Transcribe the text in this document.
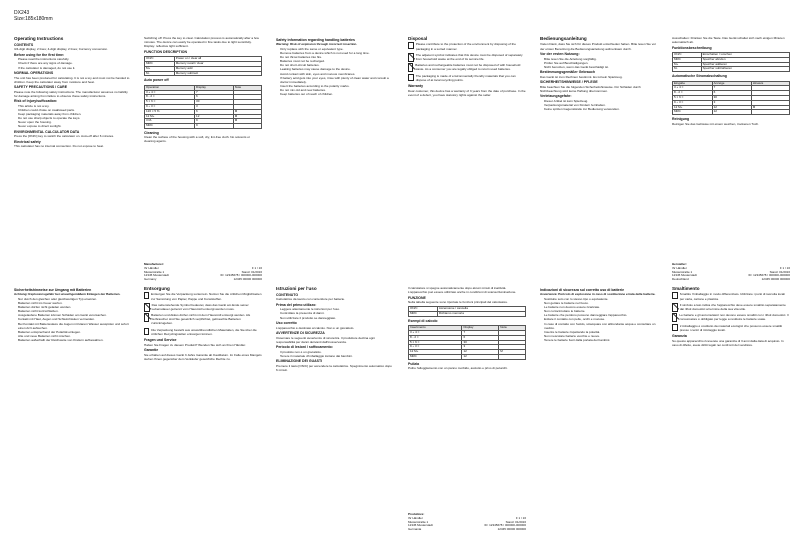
DX243
Size:185x180mm
Operating Instructions
CONTENTS

3/4-digit display, 2 lines; 4-digit display, 2 lines; Currency conversion.

Before using for the first time:
• Please read the instructions carefully.
• Check if there are any signs of damage.
• If the calculator is damaged, do not use it.
NORMAL OPERATIONS

The unit has been produced for calculating. It is not a toy and must not be handed to children. Keep the calculator away from moisture and heat.

SAFETY PRECAUTIONS / CARE

Please note the following safety instructions. The manufacturer assumes no liability for damage arising from failure to observe these safety instructions.

Risk of injury/suffocation:
• This article is not a toy.
• Children could choke on swallowed parts.
• Keep packaging materials away from children.
• Do not use sharp objects to operate the keys.
• Never open the housing.
• Never expose to direct sunlight.
ENVIRONMENTAL CALCULATOR DATA

Press the [ON/C] key to switch the calculator on. Auto-off after 6 minutes.

Electrical safety

This calculator has no internal connection. Do not expose to heat.

Switching off: Press the key to clear. Calculation process is automatically after a few minutes. The device can easily be operated in fine tasks due to light sensitivity. Display: reflective light sufficient.

FUNCTION DESCRIPTION
ON/C	Power on / clear all
MRC	Memory recall / clear
M+	Memory add
M-	Memory subtract
Auto power off
Operation	Display	Note
3 + 4 =	7	
8 - 2 =	6	
5 × 6 =	30	
9 ÷ 3 =	3	
120 × 5 %	6	M
12 M+	12	M
3 M-	9	M
MRC	9	
Cleaning

Clean the surface of the housing with a soft, dry, lint-free cloth. No solvents or cleaning agents.

Manufacturer:
Ihr Händler
Musterstraße 1
12345 Musterstadt
Germany
F 1 / 16
Stand: 01/2016
ID: 12345678 / 000000-000000
12345 00000 000000
Safety information regarding handling batteries

Warning: Risk of explosion through incorrect insertion.

• Only replace with the same or equivalent type.
• Remove batteries from a device which is not used for a long time.
• Do not throw batteries into fire.
• Batteries must not be recharged.
• Do not short-circuit batteries.
• Leaking batteries may cause damage to the device.
• Avoid contact with skin, eyes and mucous membranes.
• If battery acid gets into your eyes, rinse with plenty of clean water and consult a doctor immediately.
• Insert the batteries according to the polarity marks.
• Do not mix old and new batteries.
• Keep batteries out of reach of children.
Disposal

Please contribute to the protection of the environment by disposing of the packaging in a sorted manner.

The adjacent symbol indicates that this device must be disposed of separately from household waste at the end of its service life.

Batteries and rechargeable batteries must not be disposed of with household waste. As a consumer you are legally obliged to return used batteries.

The packaging is made of environmentally friendly materials that you can dispose of at local recycling points.

Warranty

Dear customer, this device has a warranty of 3 years from the date of purchase. In the event of a defect, you have statutory rights against the seller.

Bedienungsanleitung

Vielen Dank, dass Sie sich für dieses Produkt entschieden haben. Bitte lesen Sie vor der ersten Benutzung die Bedienungsanleitung aufmerksam durch.

Vor der ersten Nutzung:
• Bitte lesen Sie die Anleitung sorgfältig.
• Prüfen Sie auf Beschädigungen.
• Nicht benutzen, wenn das Gerät beschädigt ist.
Bestimmungsgemäßer Gebrauch

Das Gerät ist zum Rechnen bestimmt. Es ist kein Spielzeug.

SICHERHEITSHINWEISE / PFLEGE

Bitte beachten Sie die folgenden Sicherheitshinweise. Für Schäden durch Nichtbeachtung wird keine Haftung übernommen.

Verletzungsgefahr:
• Dieser Artikel ist kein Spielzeug.
• Verpackungsmaterial von Kindern fernhalten.
• Keine spitzen Gegenstände zur Bedienung verwenden.

Ausschalten: Drücken Sie die Taste. Das Gerät schaltet sich nach einigen Minuten automatisch ab.

Funktionsbeschreibung
ON/C	Einschalten / Löschen
MRC	Speicher abrufen
M+	Speicher addieren
M-	Speicher subtrahieren
Automatische Stromabschaltung
Eingabe	Anzeige	Hinweis
3 + 4 =	7	
8 - 2 =	6	
5 × 6 =	30	
9 ÷ 3 =	3	
12 M+	12	M
MRC	12	
Reinigung

Reinigen Sie das Gehäuse mit einem weichen, trockenen Tuch.

Hersteller:
Ihr Händler
Musterstraße 1
12345 Musterstadt
Deutschland
F 1 / 16
Stand: 01/2016
ID: 12345678 / 000000-000000
12345 00000 000000
Sicherheitshinweise zur Umgang mit Batterien

Achtung: Explosionsgefahr bei unsachgemäßem Einlegen der Batterien.

• Nur durch den gleichen oder gleichwertigen Typ ersetzen.
• Batterien nicht ins Feuer werfen.
• Batterien dürfen nicht geladen werden.
• Batterien nicht kurzschließen.
• Ausgelaufene Batterien können Schäden am Gerät verursachen.
• Kontakt mit Haut, Augen und Schleimhäuten vermeiden.
• Bei Kontakt mit Batteriesäure die Augen mit klarem Wasser ausspülen und sofort einen Arzt aufsuchen.
• Batterien entsprechend der Polarität einlegen.
• Alte und neue Batterien nicht mischen.
• Batterien außerhalb der Reichweite von Kindern aufbewahren.
Entsorgung

Entsorgen Sie die Verpackung sortenrein. Nutzen Sie die örtlichen Möglichkeiten zur Sammlung von Papier, Pappe und Kunststoffen.

Das nebenstehende Symbol bedeutet, dass das Gerät am Ende seiner Lebensdauer getrennt vom Hausmüll entsorgt werden muss.

Batterien und Akkus dürfen nicht mit dem Hausmüll entsorgt werden. Als Verbraucher sind Sie gesetzlich verpflichtet, gebrauchte Batterien zurückzugeben.

Die Verpackung besteht aus umweltfreundlichen Materialien, die Sie über die örtlichen Recyclingstellen entsorgen können.

Fragen und Service

Haben Sie Fragen zu diesem Produkt? Wenden Sie sich an Ihren Händler.

Garantie

Sie erhalten auf dieses Gerät 3 Jahre Garantie ab Kaufdatum. Im Falle eines Mangels stehen Ihnen gegenüber dem Verkäufer gesetzliche Rechte zu.

Istruzioni per l'uso
CONTENUTO

Calcolatrice da tavolo con contenitore per batterie.

Prima del primo utilizzo:
• Leggere attentamente le istruzioni per l'uso.
• Controllare la presenza di danni.
• Non utilizzare il prodotto se danneggiato.
Uso corretto

L'apparecchio è destinato al calcolo. Non è un giocattolo.

AVVERTENZE DI SICUREZZA

Osservare le seguenti avvertenze di sicurezza. Il produttore declina ogni responsabilità per danni derivanti dall'inosservanza.

Pericolo di lesioni / soffocamento:
• Il prodotto non è un giocattolo.
• Tenere il materiale d'imballaggio lontano dai bambini.
ELIMINAZIONE DEI GUASTI

Premere il tasto [ON/C] per accendere la calcolatrice. Spegnimento automatico dopo 6 minuti.

Il calcolatore si spegne automaticamente dopo alcuni minuti di inattività. L'apparecchio può essere utilizzato anche in condizioni di scarsa illuminazione.

FUNZIONE

Nella tabella seguente sono riportate le funzioni principali del calcolatore.

ON/C	Accensione / cancella
MRC	Richiamo memoria
Esempi di calcolo
Inserimento	Display	Nota
3 + 4 =	7	
8 - 2 =	6	
5 × 6 =	30	
9 ÷ 3 =	3	
12 M+	12	M
MRC	12	
Pulizia

Pulire l'alloggiamento con un panno morbido, asciutto e privo di pelucchi.

Produttore:
Ihr Händler
Musterstraße 1
12345 Musterstadt
Germania
F 1 / 16
Stand: 01/2016
ID: 12345678 / 000000-000000
12345 00000 000000
Indicazioni di sicurezza sul corretto uso di batterie

Avvertenza: Pericolo di esplosione in caso di sostituzione errata delle batterie.

• Sostituire solo con lo stesso tipo o equivalente.
• Non gettare le batterie nel fuoco.
• Le batterie non devono essere ricaricate.
• Non cortocircuitare le batterie.
• Le batterie che perdono possono danneggiare l'apparecchio.
• Evitare il contatto con pelle, occhi e mucose.
• In caso di contatto con l'acido, sciacquare con abbondante acqua e consultare un medico.
• Inserire le batterie rispettando la polarità.
• Non mescolare batterie vecchie e nuove.
• Tenere le batterie fuori dalla portata dei bambini.
Smaltimento

Smaltire l'imballaggio in modo differenziato. Utilizzare i punti di raccolta locali per carta, cartone e plastica.

Il simbolo a lato indica che l'apparecchio deve essere smaltito separatamente dai rifiuti domestici al termine della sua vita utile.

Le batterie e gli accumulatori non devono essere smaltiti con i rifiuti domestici. Il consumatore è obbligato per legge a restituire le batterie usate.

L'imballaggio è costituito da materiali ecologici che possono essere smaltiti presso i centri di riciclaggio locali.

Garanzia

Su questo apparecchio riceverete una garanzia di 3 anni dalla data di acquisto. In caso di difetto, avete diritti legali nei confronti del venditore.
